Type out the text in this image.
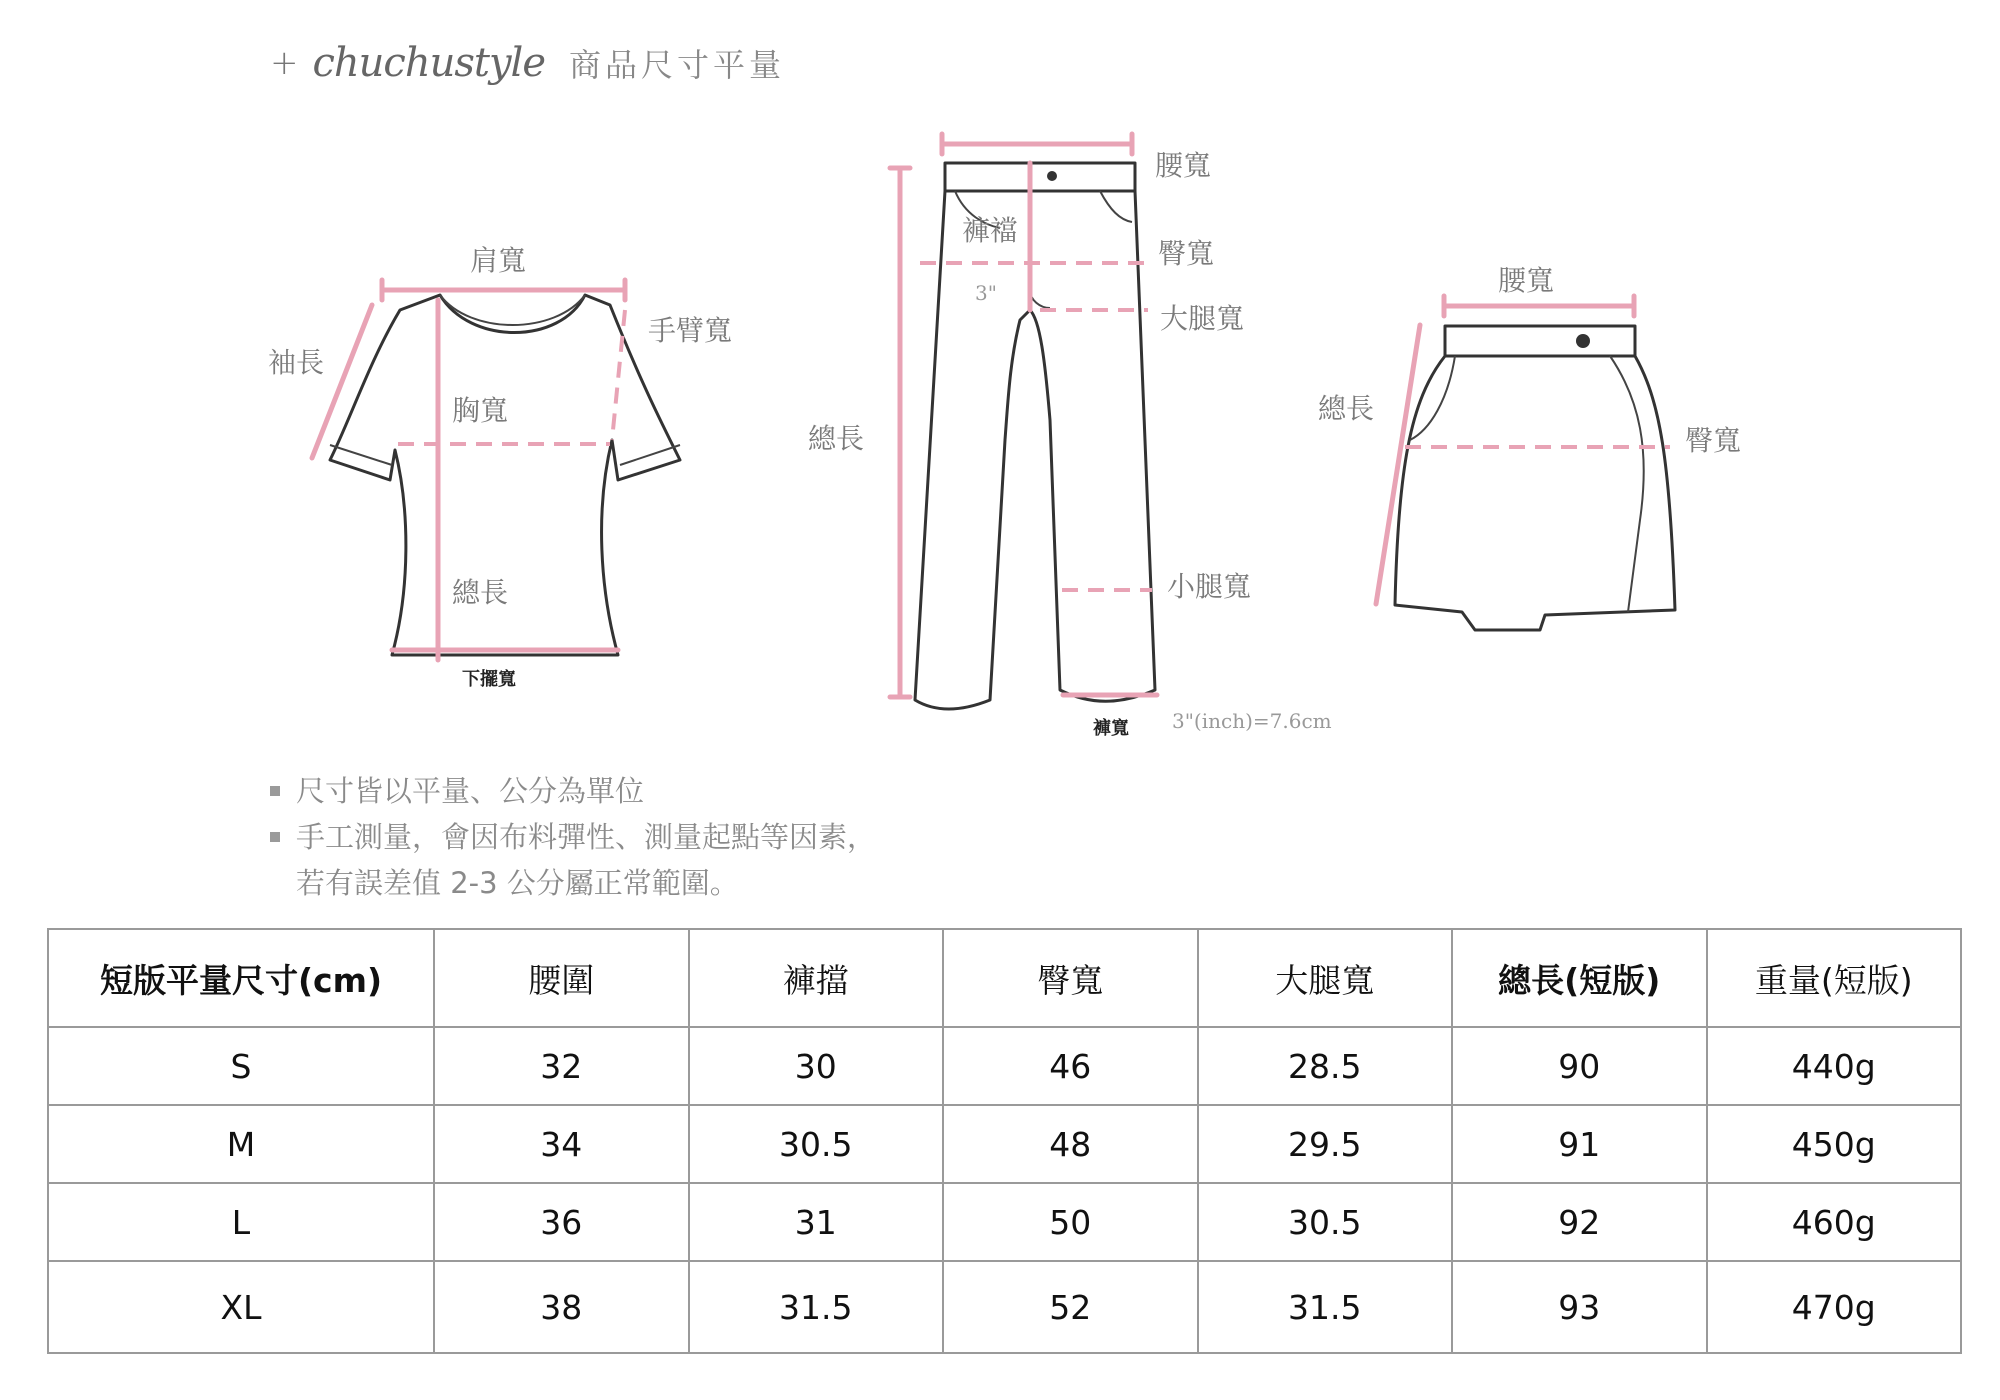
+ chuchustyle 商品尺寸平量
肩寬
袖長
手臂寬
胸寬
總長
下擺寬
腰寬
褲襠
3"
臀寬
大腿寬
總長
小腿寬
褲寬 3"(inch)=7.6cm
腰寬
總長
臀寬
尺寸皆以平量、公分為單位
手工測量，會因布料彈性、測量起點等因素，
若有誤差值 2-3 公分屬正常範圍。
短版平量尺寸(cm)	腰圍	褲擋	臀寬	大腿寬	總長(短版)	重量(短版)
S	32	30	46	28.5	90	440g
M	34	30.5	48	29.5	91	450g
L	36	31	50	30.5	92	460g
XL	38	31.5	52	31.5	93	470g
